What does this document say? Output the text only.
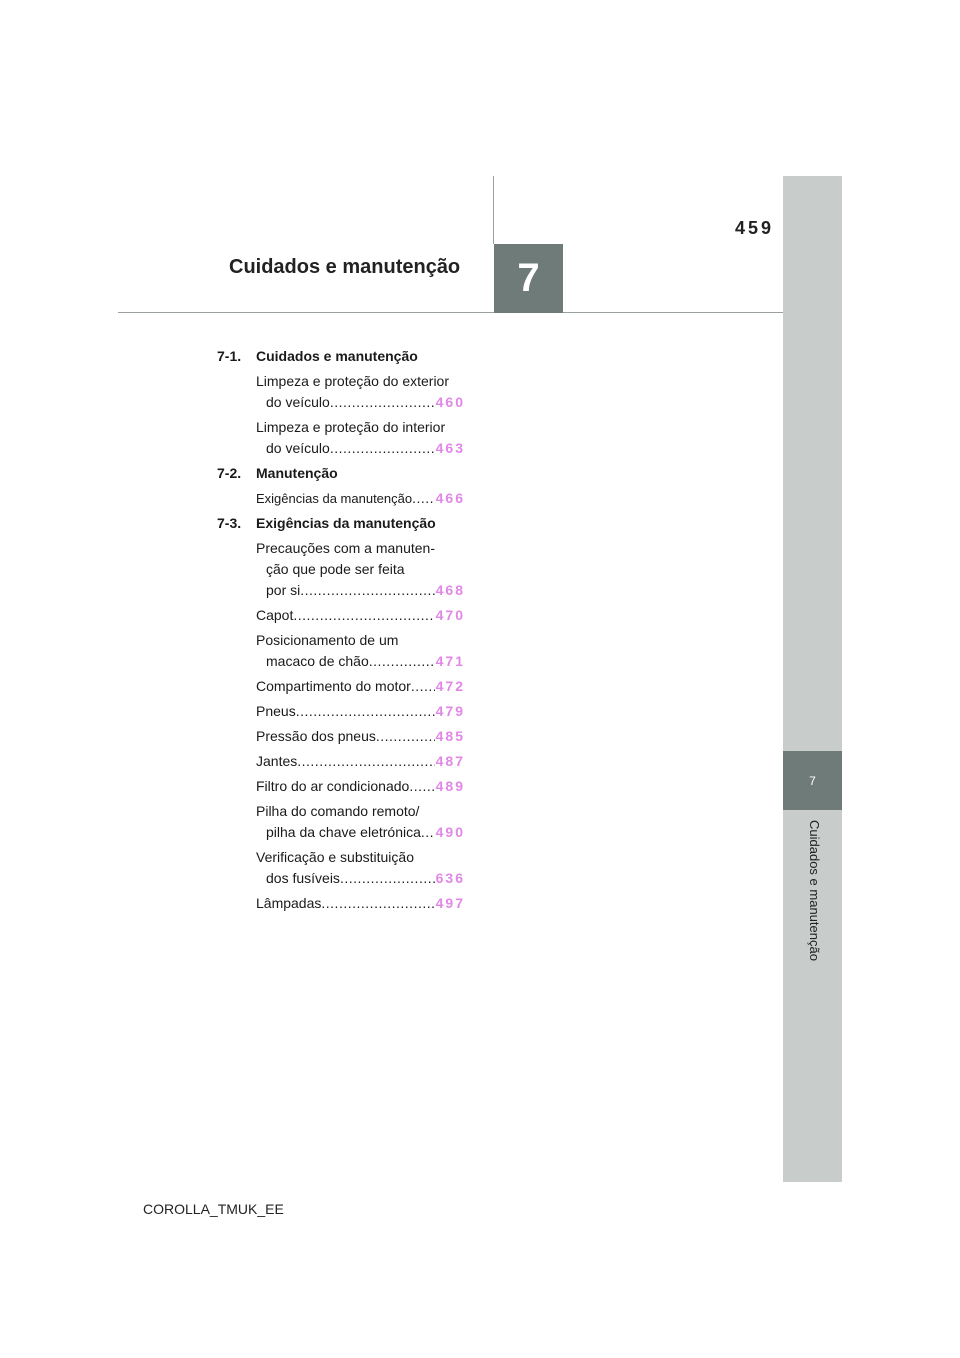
459
Cuidados e manutenção	7
7
Cuidados e manutenção
7-1.	Cuidados e manutenção
Limpeza e proteção do exterior
do veículo .....	460
Limpeza e proteção do interior
do veículo .....	463
7-2.	Manutenção
Exigências da manutenção ..... 466
7-3.	Exigências da manutenção
Precauções com a manuten-
ção que pode ser feita
por si .....	468
Capot .....	470
Posicionamento de um
macaco de chão .....	471
Compartimento do motor ..... 472
Pneus .....	479
Pressão dos pneus .....	485
Jantes .....	487
Filtro do ar condicionado ..... 489
Pilha do comando remoto/
pilha da chave eletrónica ..... 490
Verificação e substituição
dos fusíveis .....	636
Lâmpadas .....	497
COROLLA_TMUK_EE
